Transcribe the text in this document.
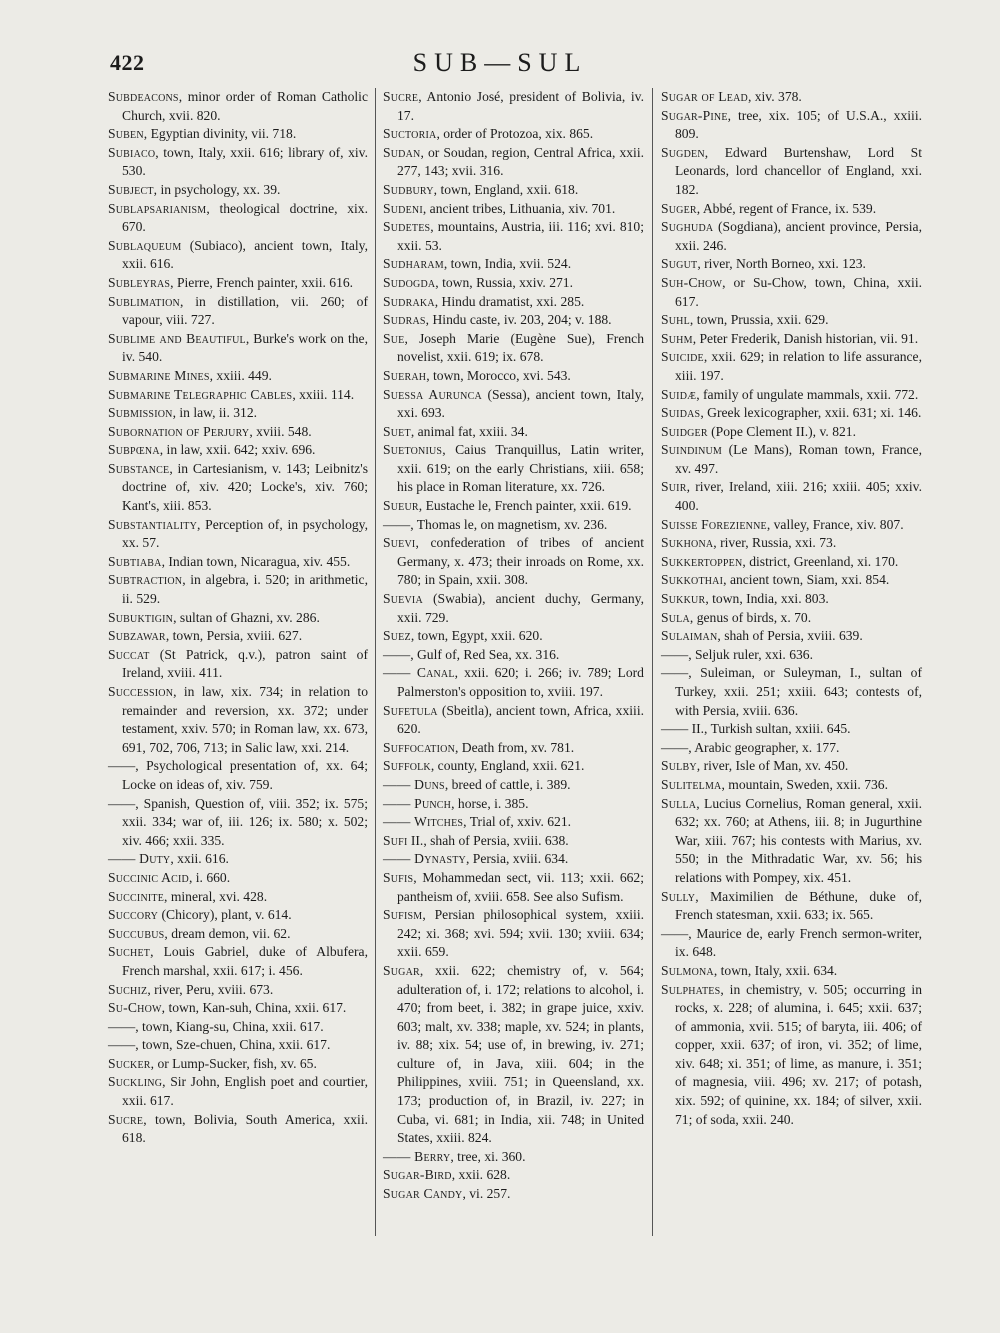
422	SUB—SUL

Subdeacons, minor order of Roman Catholic Church, xvii. 820.

Suben, Egyptian divinity, vii. 718.

Subiaco, town, Italy, xxii. 616; library of, xiv. 530.

Subject, in psychology, xx. 39.

Sublapsarianism, theological doctrine, xix. 670.

Sublaqueum (Subiaco), ancient town, Italy, xxii. 616.

Subleyras, Pierre, French painter, xxii. 616.

Sublimation, in distillation, vii. 260; of vapour, viii. 727.

Sublime and Beautiful, Burke's work on the, iv. 540.

Submarine Mines, xxiii. 449.

Submarine Telegraphic Cables, xxiii. 114.

Submission, in law, ii. 312.

Subornation of Perjury, xviii. 548.

Subpœna, in law, xxii. 642; xxiv. 696.

Substance, in Cartesianism, v. 143; Leibnitz's doctrine of, xiv. 420; Locke's, xiv. 760; Kant's, xiii. 853.

Substantiality, Perception of, in psychology, xx. 57.

Subtiaba, Indian town, Nicaragua, xiv. 455.

Subtraction, in algebra, i. 520; in arithmetic, ii. 529.

Subuktigin, sultan of Ghazni, xv. 286.

Subzawar, town, Persia, xviii. 627.

Succat (St Patrick, q.v.), patron saint of Ireland, xviii. 411.

Succession, in law, xix. 734; in relation to remainder and reversion, xx. 372; under testament, xxiv. 570; in Roman law, xx. 673, 691, 702, 706, 713; in Salic law, xxi. 214.

——, Psychological presentation of, xx. 64; Locke on ideas of, xiv. 759.

——, Spanish, Question of, viii. 352; ix. 575; xxii. 334; war of, iii. 126; ix. 580; x. 502; xiv. 466; xxii. 335.

—— Duty, xxii. 616.

Succinic Acid, i. 660.

Succinite, mineral, xvi. 428.

Succory (Chicory), plant, v. 614.

Succubus, dream demon, vii. 62.

Suchet, Louis Gabriel, duke of Albufera, French marshal, xxii. 617; i. 456.

Suchiz, river, Peru, xviii. 673.

Su-Chow, town, Kan-suh, China, xxii. 617.

——, town, Kiang-su, China, xxii. 617.

——, town, Sze-chuen, China, xxii. 617.

Sucker, or Lump-Sucker, fish, xv. 65.

Suckling, Sir John, English poet and courtier, xxii. 617.

Sucre, town, Bolivia, South America, xxii. 618.

Sucre, Antonio José, president of Bolivia, iv. 17.

Suctoria, order of Protozoa, xix. 865.

Sudan, or Soudan, region, Central Africa, xxii. 277, 143; xvii. 316.

Sudbury, town, England, xxii. 618.

Sudeni, ancient tribes, Lithuania, xiv. 701.

Sudetes, mountains, Austria, iii. 116; xvi. 810; xxii. 53.

Sudharam, town, India, xvii. 524.

Sudogda, town, Russia, xxiv. 271.

Sudraka, Hindu dramatist, xxi. 285.

Sudras, Hindu caste, iv. 203, 204; v. 188.

Sue, Joseph Marie (Eugène Sue), French novelist, xxii. 619; ix. 678.

Suerah, town, Morocco, xvi. 543.

Suessa Aurunca (Sessa), ancient town, Italy, xxi. 693.

Suet, animal fat, xxiii. 34.

Suetonius, Caius Tranquillus, Latin writer, xxii. 619; on the early Christians, xiii. 658; his place in Roman literature, xx. 726.

Sueur, Eustache le, French painter, xxii. 619.

——, Thomas le, on magnetism, xv. 236.

Suevi, confederation of tribes of ancient Germany, x. 473; their inroads on Rome, xx. 780; in Spain, xxii. 308.

Suevia (Swabia), ancient duchy, Germany, xxii. 729.

Suez, town, Egypt, xxii. 620.

——, Gulf of, Red Sea, xx. 316.

—— Canal, xxii. 620; i. 266; iv. 789; Lord Palmerston's opposition to, xviii. 197.

Sufetula (Sbeitla), ancient town, Africa, xxiii. 620.

Suffocation, Death from, xv. 781.

Suffolk, county, England, xxii. 621.

—— Duns, breed of cattle, i. 389.

—— Punch, horse, i. 385.

—— Witches, Trial of, xxiv. 621.

Sufi II., shah of Persia, xviii. 638.

—— Dynasty, Persia, xviii. 634.

Sufis, Mohammedan sect, vii. 113; xxii. 662; pantheism of, xviii. 658. See also Sufism.

Sufism, Persian philosophical system, xxiii. 242; xi. 368; xvi. 594; xvii. 130; xviii. 634; xxii. 659.

Sugar, xxii. 622; chemistry of, v. 564; adulteration of, i. 172; relations to alcohol, i. 470; from beet, i. 382; in grape juice, xxiv. 603; malt, xv. 338; maple, xv. 524; in plants, iv. 88; xix. 54; use of, in brewing, iv. 271; culture of, in Java, xiii. 604; in the Philippines, xviii. 751; in Queensland, xx. 173; production of, in Brazil, iv. 227; in Cuba, vi. 681; in India, xii. 748; in United States, xxiii. 824.

—— Berry, tree, xi. 360.

Sugar-Bird, xxii. 628.

Sugar Candy, vi. 257.

Sugar of Lead, xiv. 378.

Sugar-Pine, tree, xix. 105; of U.S.A., xxiii. 809.

Sugden, Edward Burtenshaw, Lord St Leonards, lord chancellor of England, xxi. 182.

Suger, Abbé, regent of France, ix. 539.

Sughuda (Sogdiana), ancient province, Persia, xxii. 246.

Sugut, river, North Borneo, xxi. 123.

Suh-Chow, or Su-Chow, town, China, xxii. 617.

Suhl, town, Prussia, xxii. 629.

Suhm, Peter Frederik, Danish historian, vii. 91.

Suicide, xxii. 629; in relation to life assurance, xiii. 197.

Suidæ, family of ungulate mammals, xxii. 772.

Suidas, Greek lexicographer, xxii. 631; xi. 146.

Suidger (Pope Clement II.), v. 821.

Suindinum (Le Mans), Roman town, France, xv. 497.

Suir, river, Ireland, xiii. 216; xxiii. 405; xxiv. 400.

Suisse Forezienne, valley, France, xiv. 807.

Sukhona, river, Russia, xxi. 73.

Sukkertoppen, district, Greenland, xi. 170.

Sukkothai, ancient town, Siam, xxi. 854.

Sukkur, town, India, xxi. 803.

Sula, genus of birds, x. 70.

Sulaiman, shah of Persia, xviii. 639.

——, Seljuk ruler, xxi. 636.

——, Suleiman, or Suleyman, I., sultan of Turkey, xxii. 251; xxiii. 643; contests of, with Persia, xviii. 636.

—— II., Turkish sultan, xxiii. 645.

——, Arabic geographer, x. 177.

Sulby, river, Isle of Man, xv. 450.

Sulitelma, mountain, Sweden, xxii. 736.

Sulla, Lucius Cornelius, Roman general, xxii. 632; xx. 760; at Athens, iii. 8; in Jugurthine War, xiii. 767; his contests with Marius, xv. 550; in the Mithradatic War, xv. 56; his relations with Pompey, xix. 451.

Sully, Maximilien de Béthune, duke of, French statesman, xxii. 633; ix. 565.

——, Maurice de, early French sermon-writer, ix. 648.

Sulmona, town, Italy, xxii. 634.

Sulphates, in chemistry, v. 505; occurring in rocks, x. 228; of alumina, i. 645; xxii. 637; of ammonia, xvii. 515; of baryta, iii. 406; of copper, xxii. 637; of iron, vi. 352; of lime, xiv. 648; xi. 351; of lime, as manure, i. 351; of magnesia, viii. 496; xv. 217; of potash, xix. 592; of quinine, xx. 184; of silver, xxii. 71; of soda, xxii. 240.
